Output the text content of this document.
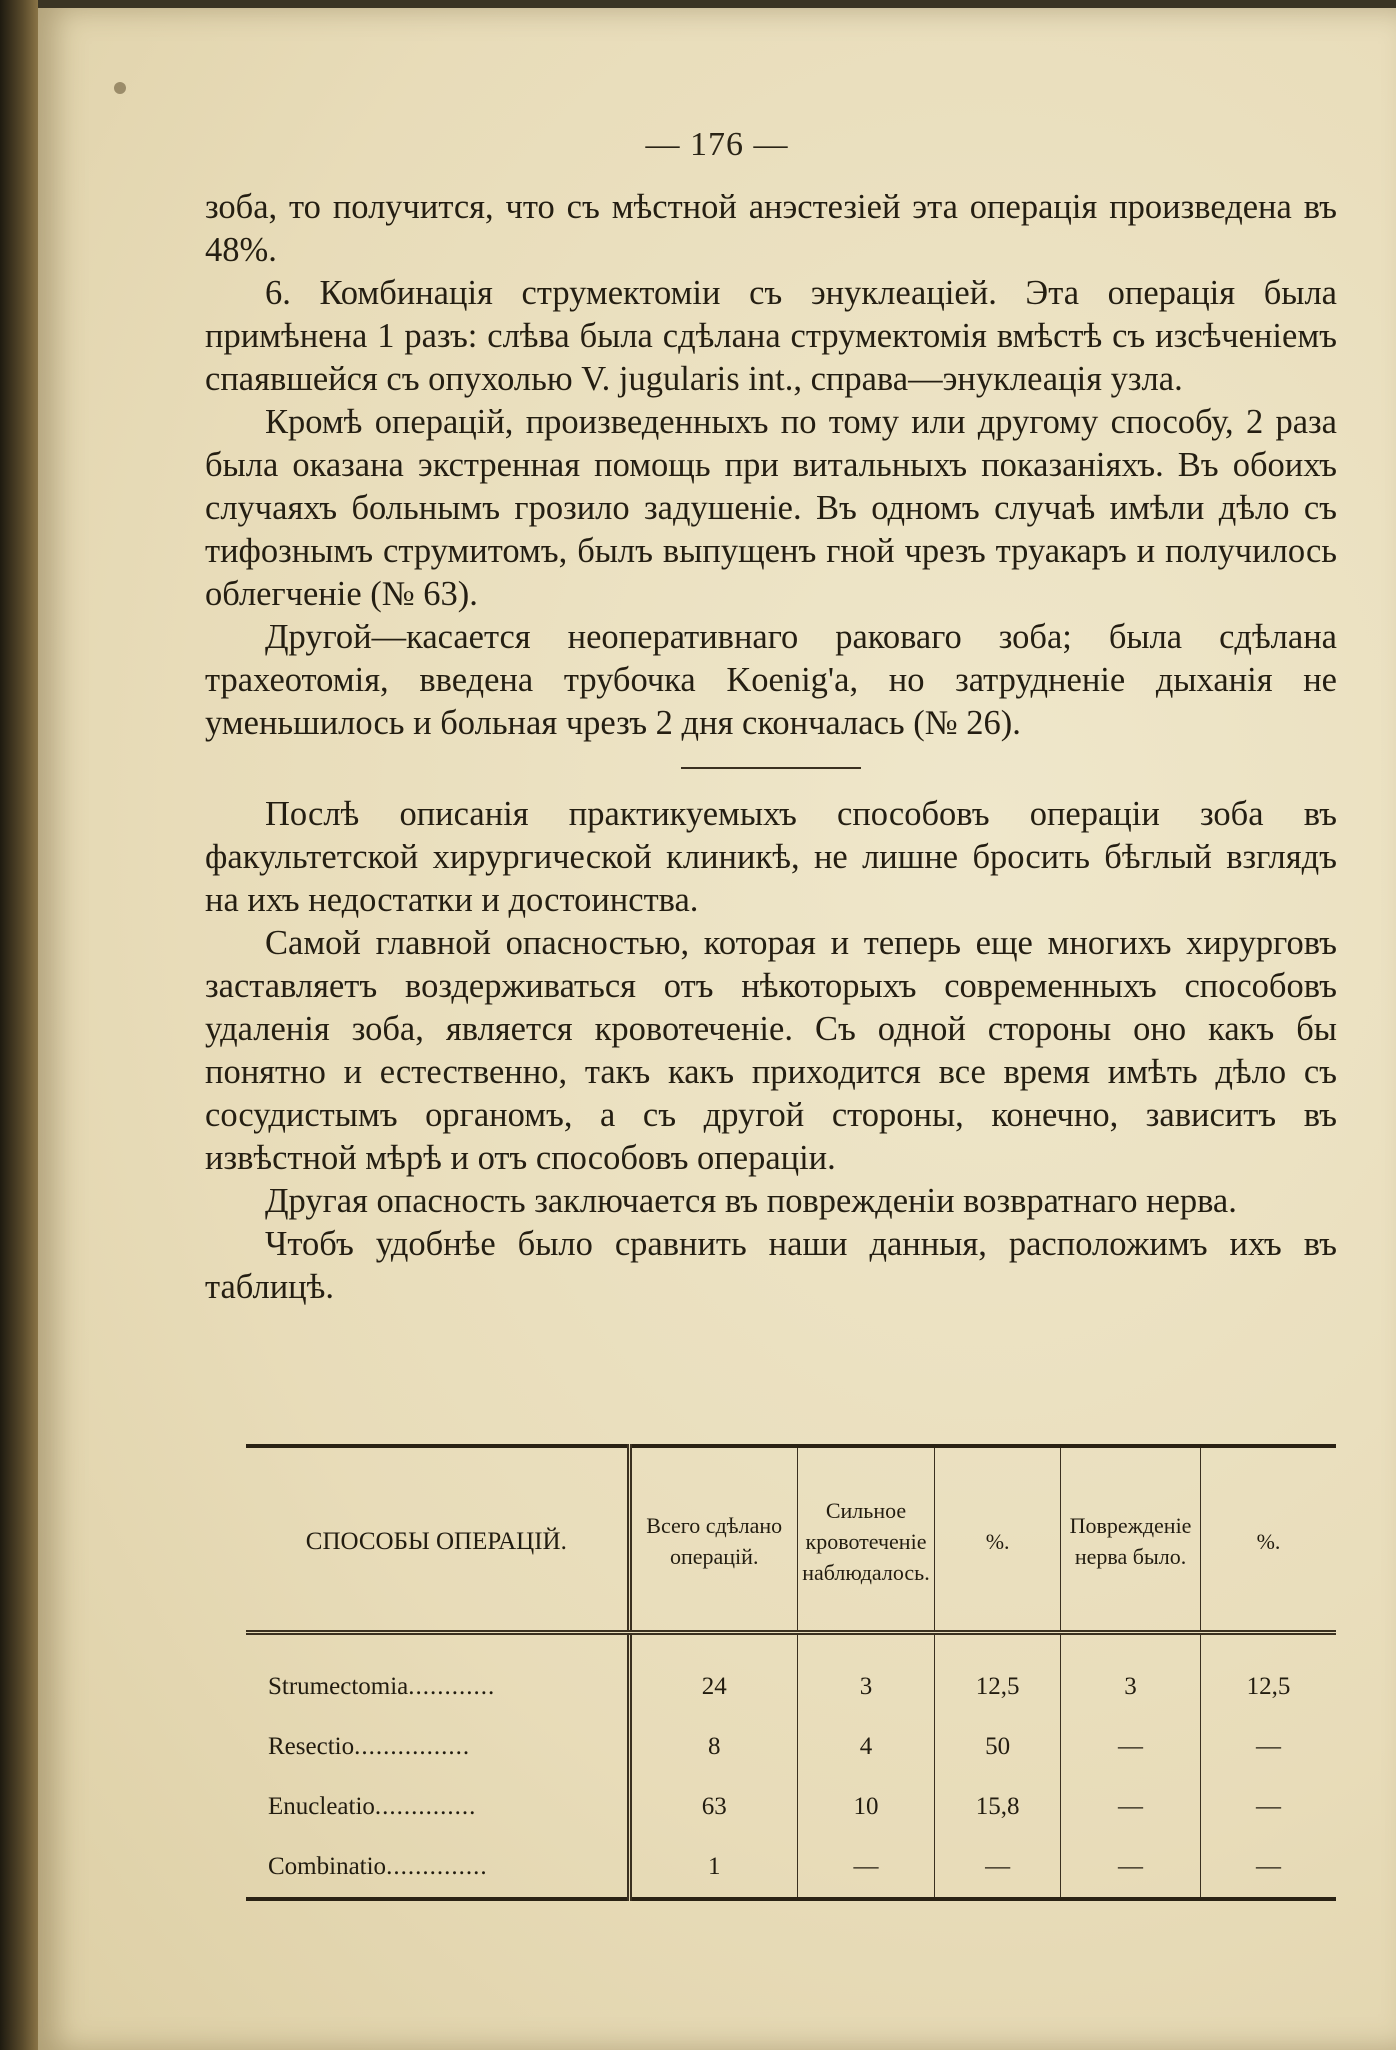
— 176 —

зоба, то получится, что съ мѣстной анэстезіей эта операція произведена въ 48%.

6. Комбинація струмектоміи съ энуклеаціей. Эта операція была примѣнена 1 разъ: слѣва была сдѣлана струмектомія вмѣстѣ съ изсѣченіемъ спаявшейся съ опухолью V. jugularis int., справа—энуклеація узла.

Кромѣ операцій, произведенныхъ по тому или другому способу, 2 раза была оказана экстренная помощь при витальныхъ показаніяхъ. Въ обоихъ случаяхъ больнымъ грозило задушеніе. Въ одномъ случаѣ имѣли дѣло съ тифознымъ струмитомъ, былъ выпущенъ гной чрезъ труакаръ и получилось облегченіе (№ 63).

Другой—касается неоперативнаго раковаго зоба; была сдѣлана трахеотомія, введена трубочка Koenig'а, но затрудненіе дыханія не уменьшилось и больная чрезъ 2 дня скончалась (№ 26).

Послѣ описанія практикуемыхъ способовъ операціи зоба въ факультетской хирургической клиникѣ, не лишне бросить бѣглый взглядъ на ихъ недостатки и достоинства.

Самой главной опасностью, которая и теперь еще многихъ хирурговъ заставляетъ воздерживаться отъ нѣкоторыхъ современныхъ способовъ удаленія зоба, является кровотеченіе. Съ одной стороны оно какъ бы понятно и естественно, такъ какъ приходится все время имѣть дѣло съ сосудистымъ органомъ, а съ другой стороны, конечно, зависитъ въ извѣстной мѣрѣ и отъ способовъ операціи.

Другая опасность заключается въ поврежденіи возвратнаго нерва.

Чтобъ удобнѣе было сравнить наши данныя, расположимъ ихъ въ таблицѣ.

СПОСОБЫ ОПЕРАЦІЙ.	Всего сдѣлано операцій.	Сильное кровотеченіе наблюдалось.	%.	Поврежденіе нерва было.	%.
Strumectomia............	24	3	12,5	3	12,5
Resectio................	8	4	50	—	—
Enucleatio..............	63	10	15,8	—	—
Combinatio..............	1	—	—	—	—
